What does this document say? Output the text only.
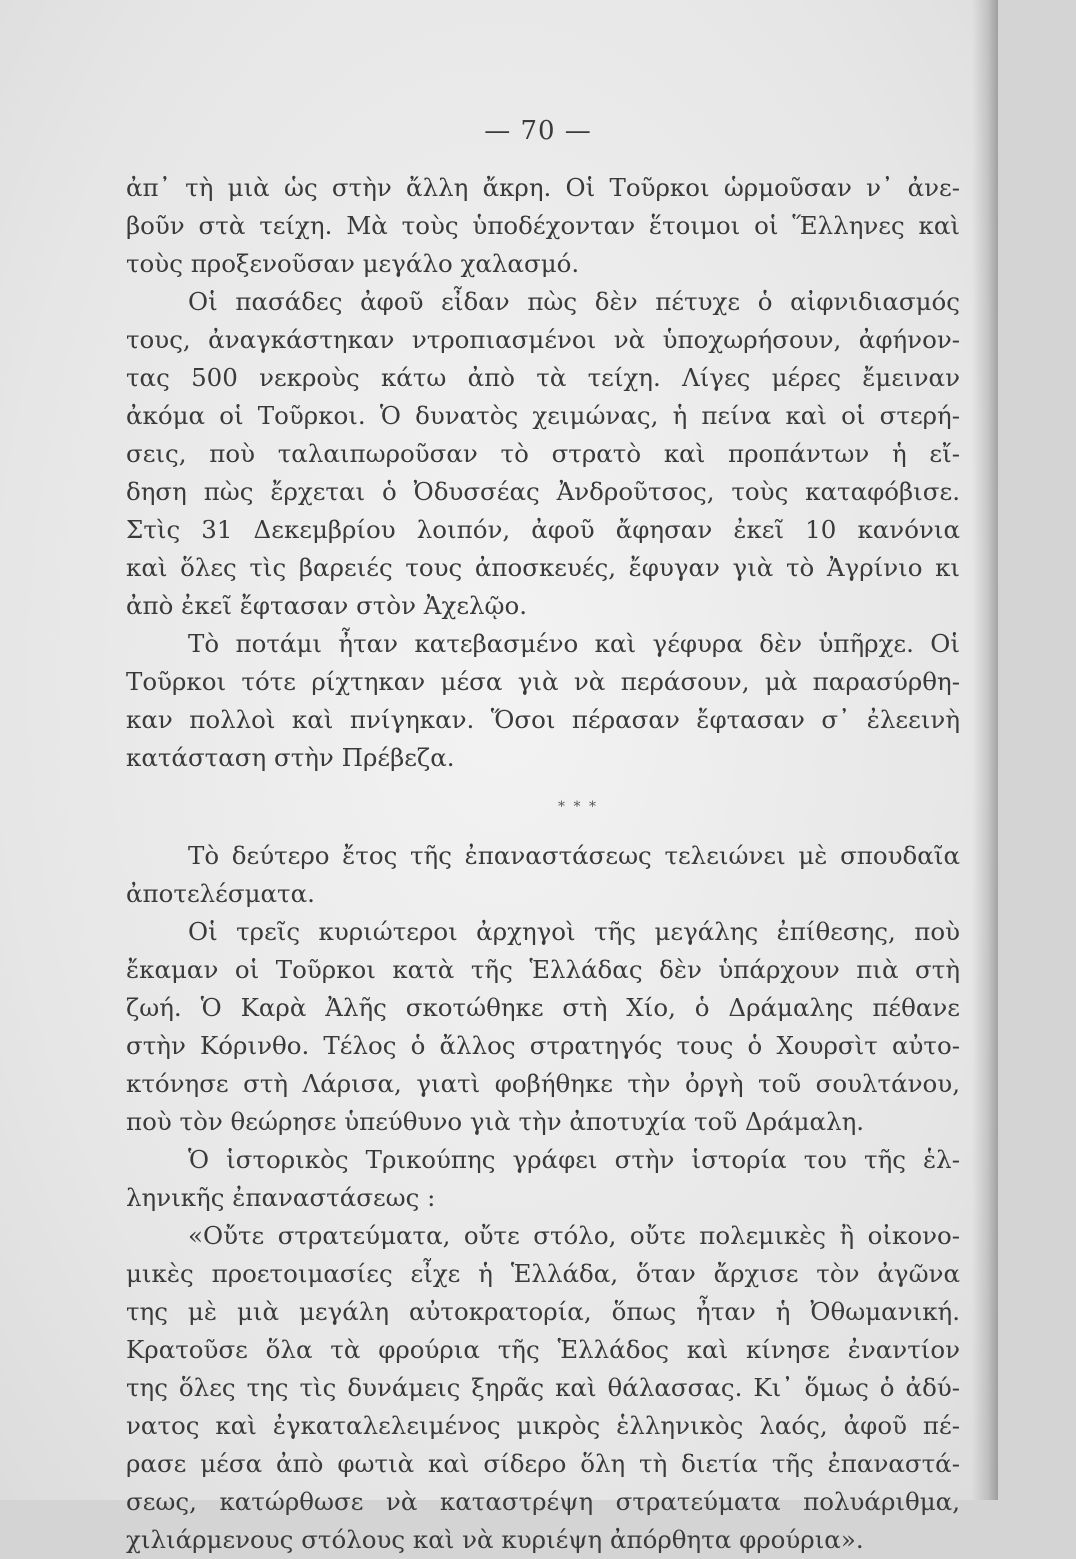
— 70 —
ἀπ᾽ τὴ μιὰ ὡς στὴν ἄλλη ἄκρη. Οἱ Τοῦρκοι ὡρμοῦσαν ν᾽ ἀνε-
βοῦν στὰ τείχη. Μὰ τοὺς ὑποδέχονταν ἕτοιμοι οἱ Ἕλληνες καὶ
τοὺς προξενοῦσαν μεγάλο χαλασμό.
Οἱ πασάδες ἀφοῦ εἶδαν πὼς δὲν πέτυχε ὁ αἰφνιδιασμός
τους, ἀναγκάστηκαν ντροπιασμένοι νὰ ὑποχωρήσουν, ἀφήνον-
τας 500 νεκροὺς κάτω ἀπὸ τὰ τείχη. Λίγες μέρες ἔμειναν
ἀκόμα οἱ Τοῦρκοι. Ὁ δυνατὸς χειμώνας, ἡ πείνα καὶ οἱ στερή-
σεις, ποὺ ταλαιπωροῦσαν τὸ στρατὸ καὶ προπάντων ἡ εἴ-
δηση πὼς ἔρχεται ὁ Ὀδυσσέας Ἀνδροῦτσος, τοὺς καταφόβισε.
Στὶς 31 Δεκεμβρίου λοιπόν, ἀφοῦ ἄφησαν ἐκεῖ 10 κανόνια
καὶ ὅλες τὶς βαρειές τους ἀποσκευές, ἔφυγαν γιὰ τὸ Ἀγρίνιο κι
ἀπὸ ἐκεῖ ἔφτασαν στὸν Ἀχελῷο.
Τὸ ποτάμι ἦταν κατεβασμένο καὶ γέφυρα δὲν ὑπῆρχε. Οἱ
Τοῦρκοι τότε ρίχτηκαν μέσα γιὰ νὰ περάσουν, μὰ παρασύρθη-
καν πολλοὶ καὶ πνίγηκαν. Ὅσοι πέρασαν ἔφτασαν σ᾽ ἐλεεινὴ
κατάσταση στὴν Πρέβεζα.
* * *
Τὸ δεύτερο ἔτος τῆς ἐπαναστάσεως τελειώνει μὲ σπουδαῖα
ἀποτελέσματα.
Οἱ τρεῖς κυριώτεροι ἀρχηγοὶ τῆς μεγάλης ἐπίθεσης, ποὺ
ἔκαμαν οἱ Τοῦρκοι κατὰ τῆς Ἑλλάδας δὲν ὑπάρχουν πιὰ στὴ
ζωή. Ὁ Καρὰ Ἀλῆς σκοτώθηκε στὴ Χίο, ὁ Δράμαλης πέθανε
στὴν Κόρινθο. Τέλος ὁ ἄλλος στρατηγός τους ὁ Χουρσὶτ αὐτο-
κτόνησε στὴ Λάρισα, γιατὶ φοβήθηκε τὴν ὀργὴ τοῦ σουλτάνου,
ποὺ τὸν θεώρησε ὑπεύθυνο γιὰ τὴν ἀποτυχία τοῦ Δράμαλη.
Ὁ ἱστορικὸς Τρικούπης γράφει στὴν ἱστορία του τῆς ἑλ-
ληνικῆς ἐπαναστάσεως :
«Οὔτε στρατεύματα, οὔτε στόλο, οὔτε πολεμικὲς ἢ οἰκονο-
μικὲς προετοιμασίες εἶχε ἡ Ἑλλάδα, ὅταν ἄρχισε τὸν ἀγῶνα
της μὲ μιὰ μεγάλη αὐτοκρατορία, ὅπως ἦταν ἡ Ὀθωμανική.
Κρατοῦσε ὅλα τὰ φρούρια τῆς Ἑλλάδος καὶ κίνησε ἐναντίον
της ὅλες της τὶς δυνάμεις ξηρᾶς καὶ θάλασσας. Κι᾽ ὅμως ὁ ἀδύ-
νατος καὶ ἐγκαταλελειμένος μικρὸς ἑλληνικὸς λαός, ἀφοῦ πέ-
ρασε μέσα ἀπὸ φωτιὰ καὶ σίδερο ὅλη τὴ διετία τῆς ἐπαναστά-
σεως, κατώρθωσε νὰ καταστρέψη στρατεύματα πολυάριθμα,
χιλιάρμενους στόλους καὶ νὰ κυριέψη ἀπόρθητα φρούρια».
